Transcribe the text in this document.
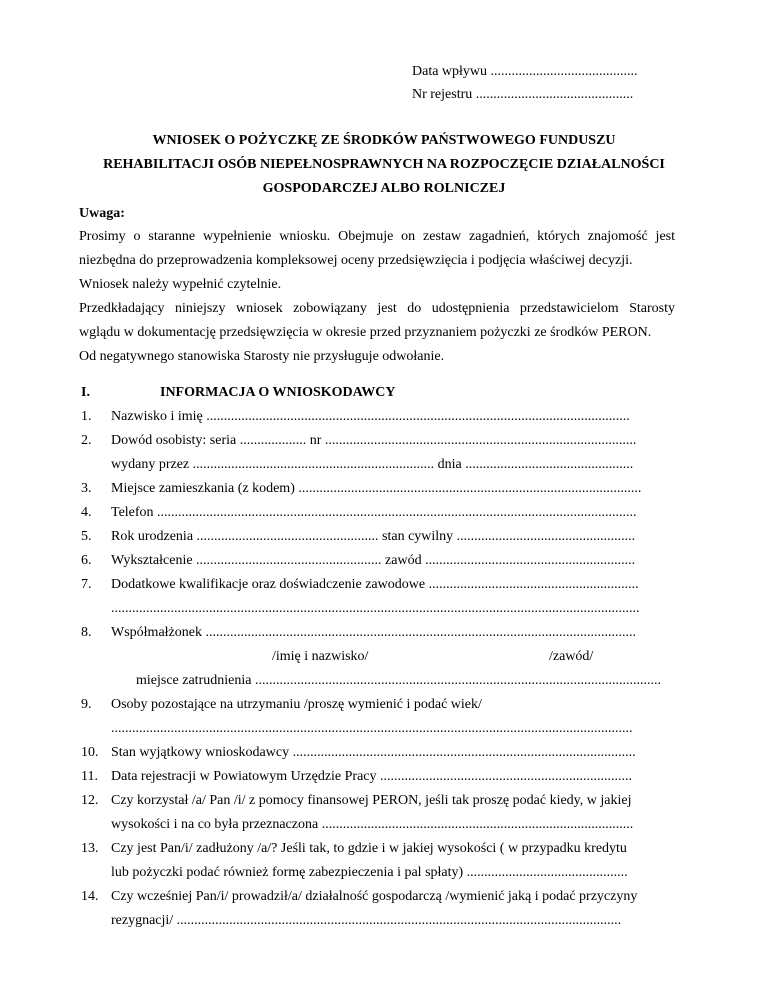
Data wpływu ..........................................
Nr rejestru .............................................
WNIOSEK O POŻYCZKĘ ZE ŚRODKÓW PAŃSTWOWEGO FUNDUSZU
REHABILITACJI OSÓB NIEPEŁNOSPRAWNYCH NA ROZPOCZĘCIE DZIAŁALNOŚCI
GOSPODARCZEJ ALBO ROLNICZEJ
Uwaga:
Prosimy o staranne wypełnienie wniosku. Obejmuje on zestaw zagadnień, których znajomość jest
niezbędna do przeprowadzenia kompleksowej oceny przedsięwzięcia i podjęcia właściwej decyzji.
Wniosek należy wypełnić czytelnie.
Przedkładający niniejszy wniosek zobowiązany jest do udostępnienia przedstawicielom Starosty
wglądu w dokumentację przedsięwzięcia w okresie przed przyznaniem pożyczki ze środków PERON.
Od negatywnego stanowiska Starosty nie przysługuje odwołanie.
I.	INFORMACJA O WNIOSKODAWCY
1. Nazwisko i imię .........................................................................................................................
2. Dowód osobisty: seria ................... nr .........................................................................................
wydany przez ..................................................................... dnia ................................................
3. Miejsce zamieszkania (z kodem) ..................................................................................................
4. Telefon .........................................................................................................................................
5. Rok urodzenia .................................................... stan cywilny ...................................................
6. Wykształcenie ..................................................... zawód ............................................................
7. Dodatkowe kwalifikacje oraz doświadczenie zawodowe ............................................................
.......................................................................................................................................................
8. Współmałżonek ...........................................................................................................................
/imię i nazwisko/	/zawód/
miejsce zatrudnienia ....................................................................................................................
9. Osoby pozostające na utrzymaniu /proszę wymienić i podać wiek/
.....................................................................................................................................................
10. Stan wyjątkowy wnioskodawcy ..................................................................................................
11. Data rejestracji w Powiatowym Urzędzie Pracy ........................................................................
12. Czy korzystał /a/ Pan /i/ z pomocy finansowej PERON, jeśli tak proszę podać kiedy, w jakiej
wysokości i na co była przeznaczona .........................................................................................
13. Czy jest Pan/i/ zadłużony /a/? Jeśli tak, to gdzie i w jakiej wysokości ( w przypadku kredytu
lub pożyczki podać również formę zabezpieczenia i pal spłaty) ..............................................
14. Czy wcześniej Pan/i/ prowadził/a/ działalność gospodarczą /wymienić jaką i podać przyczyny
rezygnacji/ ...............................................................................................................................
